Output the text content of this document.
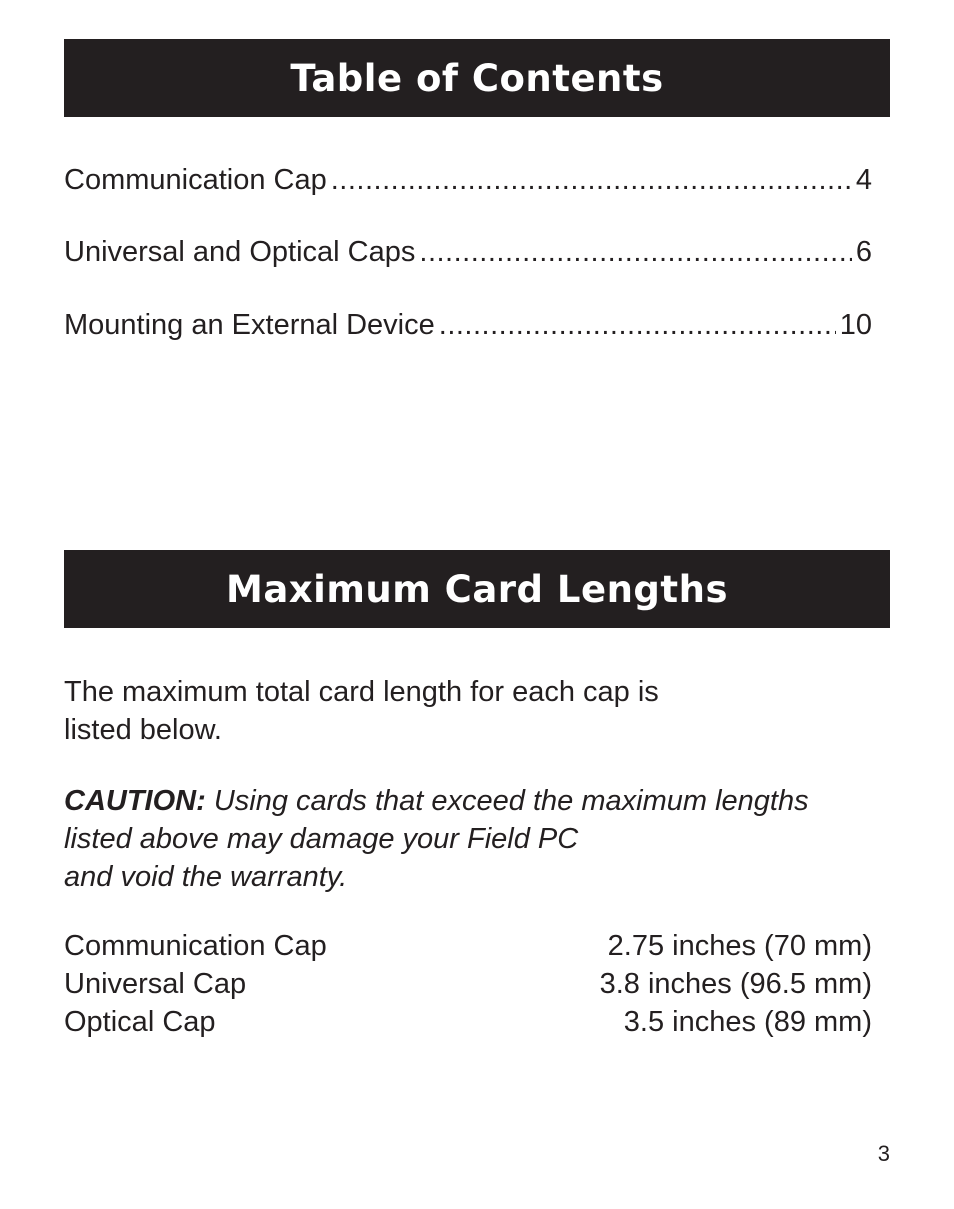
Table of Contents
Communication Cap .....	4
Universal and Optical Caps .....	6
Mounting an External Device .....	10
Maximum Card Lengths

The maximum total card length for each cap is
listed below.

CAUTION: Using cards that exceed the maximum lengths
listed above may damage your Field PC
and void the warranty.

Communication Cap	2.75 inches (70 mm)
Universal Cap	3.8 inches (96.5 mm)
Optical Cap	3.5 inches (89 mm)
3
